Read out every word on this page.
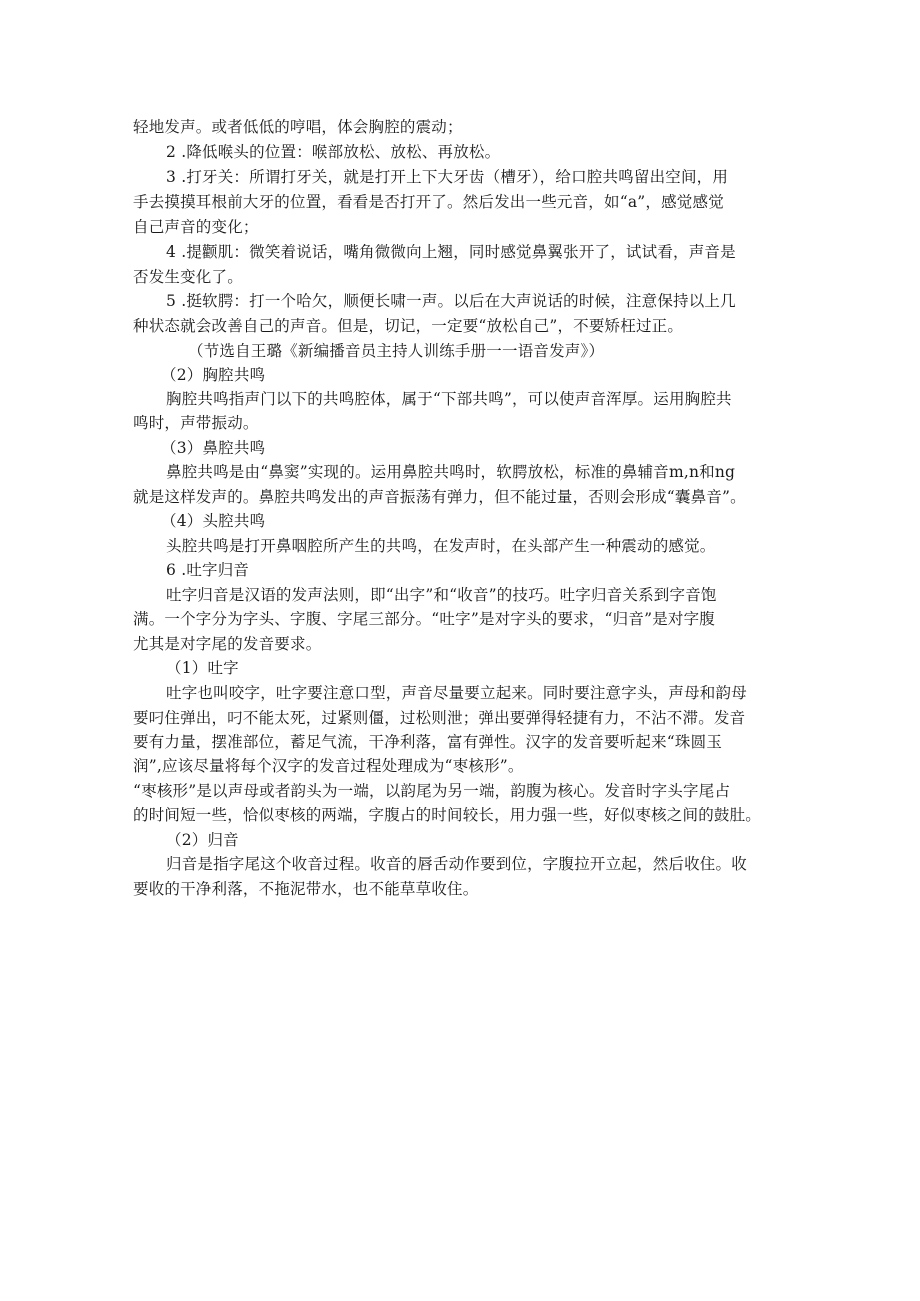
轻地发声。或者低低的哼唱，体会胸腔的震动；

2 .降低喉头的位置：喉部放松、放松、再放松。

3 .打牙关：所谓打牙关，就是打开上下大牙齿（槽牙），给口腔共鸣留出空间，用

手去摸摸耳根前大牙的位置，看看是否打开了。然后发出一些元音，如“a”，感觉感觉

自己声音的变化；

4 .提颧肌：微笑着说话，嘴角微微向上翘，同时感觉鼻翼张开了，试试看，声音是

否发生变化了。

5 .挺软腭：打一个哈欠，顺便长啸一声。以后在大声说话的时候，注意保持以上几

种状态就会改善自己的声音。但是，切记，一定要“放松自己”，不要矫枉过正。

（节选自王璐《新编播音员主持人训练手册一一语音发声》）

（2）胸腔共鸣

胸腔共鸣指声门以下的共鸣腔体，属于“下部共鸣”，可以使声音浑厚。运用胸腔共

鸣时，声带振动。

（3）鼻腔共鸣

鼻腔共鸣是由“鼻窦”实现的。运用鼻腔共鸣时，软腭放松，标准的鼻辅音m,n和ng

就是这样发声的。鼻腔共鸣发出的声音振荡有弹力，但不能过量，否则会形成“囊鼻音”。

（4）头腔共鸣

头腔共鸣是打开鼻咽腔所产生的共鸣，在发声时，在头部产生一种震动的感觉。

6 .吐字归音

吐字归音是汉语的发声法则，即“出字”和“收音”的技巧。吐字归音关系到字音饱

满。一个字分为字头、字腹、字尾三部分。“吐字”是对字头的要求，“归音”是对字腹

尤其是对字尾的发音要求。

（1）吐字

吐字也叫咬字，吐字要注意口型，声音尽量要立起来。同时要注意字头，声母和韵母

要叼住弹出，叼不能太死，过紧则僵，过松则泄；弹出要弹得轻捷有力，不沾不滞。发音

要有力量，摆准部位，蓄足气流，干净利落，富有弹性。汉字的发音要听起来“珠圆玉

润”,应该尽量将每个汉字的发音过程处理成为“枣核形”。

“枣核形”是以声母或者韵头为一端，以韵尾为另一端，韵腹为核心。发音时字头字尾占

的时间短一些，恰似枣核的两端，字腹占的时间较长，用力强一些，好似枣核之间的鼓肚。

（2）归音

归音是指字尾这个收音过程。收音的唇舌动作要到位，字腹拉开立起，然后收住。收

要收的干净利落，不拖泥带水，也不能草草收住。
